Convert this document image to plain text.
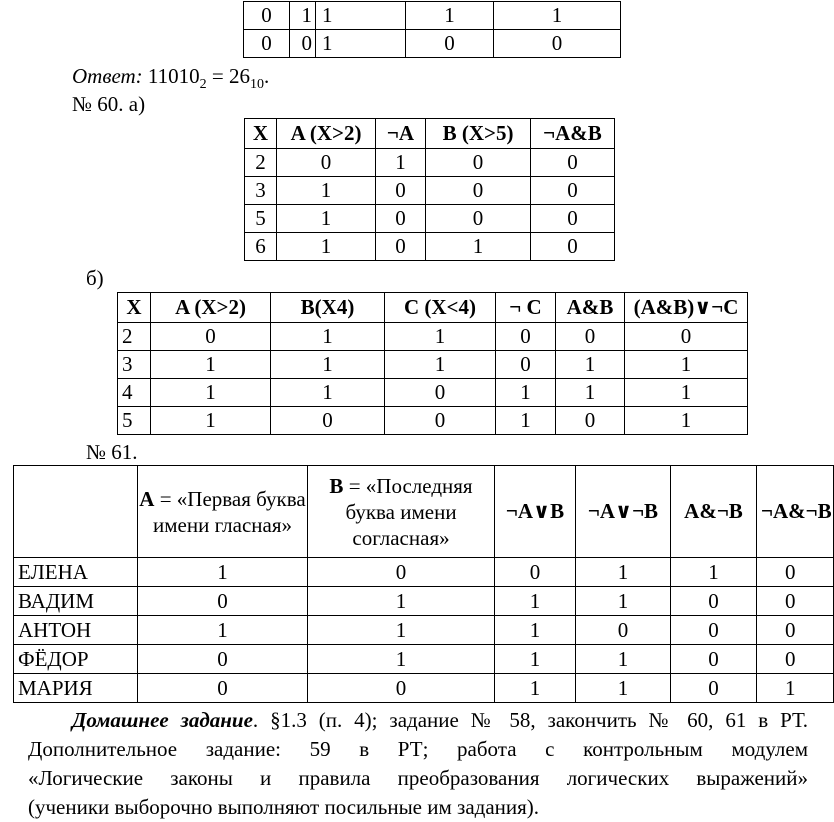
0	1	1	1	1
0	0	1	0	0
Ответ: $11010_2 = 26_{10}$.
№ 60. а)
X	A (X>2)	¬A	B (X>5)	¬A&B
2	0	1	0	0
3	1	0	0	0
5	1	0	0	0
6	1	0	1	0
б)
X	A (X>2)	B(X4)	C (X<4)	¬ C	A&B	(A&B)∨¬C
2	0	1	1	0	0	0
3	1	1	1	0	1	1
4	1	1	0	1	1	1
5	1	0	0	1	0	1
№ 61.
	A = «Первая буква имени гласная»	B = «Последняя буква имени согласная»	¬A∨B	¬A∨¬B	A&¬B	¬A&¬B
ЕЛЕНА	1	0	0	1	1	0
ВАДИМ	0	1	1	1	0	0
АНТОН	1	1	1	0	0	0
ФЁДОР	0	1	1	1	0	0
МАРИЯ	0	0	1	1	0	1
Домашнее задание. §1.3 (п. 4); задание № 58, закончить № 60, 61 в РТ.
Дополнительное задание: 59 в РТ; работа с контрольным модулем
«Логические законы и правила преобразования логических выражений»
(ученики выборочно выполняют посильные им задания).
